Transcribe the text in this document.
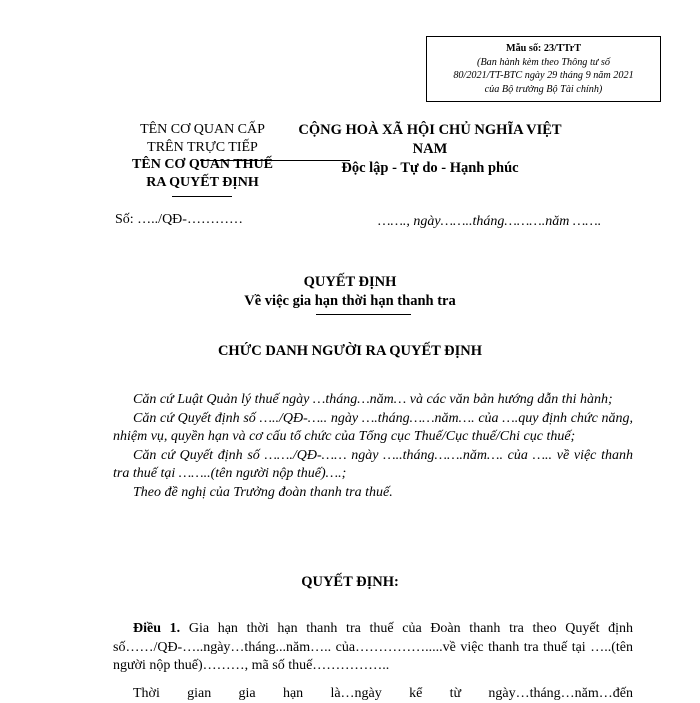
Mẫu số: 23/TTrT
(Ban hành kèm theo Thông tư số
80/2021/TT-BTC ngày 29 tháng 9 năm 2021
của Bộ trưởng Bộ Tài chính)
TÊN CƠ QUAN CẤP
TRÊN TRỰC TIẾP
TÊN CƠ QUAN THUẾ
RA QUYẾT ĐỊNH
CỘNG HOÀ XÃ HỘI CHỦ NGHĨA VIỆT NAM
Độc lập - Tự do - Hạnh phúc
Số: …../QĐ-…………	……., ngày……..tháng……….năm …….
QUYẾT ĐỊNH
Về việc gia hạn thời hạn thanh tra
CHỨC DANH NGƯỜI RA QUYẾT ĐỊNH

Căn cứ Luật Quản lý thuế ngày …tháng…năm… và các văn bản hướng dẫn thi hành;

Căn cứ Quyết định số …../QĐ-….. ngày ….tháng……năm…. của ….quy định chức năng, nhiệm vụ, quyền hạn và cơ cấu tổ chức của Tổng cục Thuế/Cục thuế/Chi cục thuế;

Căn cứ Quyết định số ……./QĐ-…… ngày …..tháng…….năm…. của ….. về việc thanh tra thuế tại ……..(tên người nộp thuế)….;

Theo đề nghị của Trưởng đoàn thanh tra thuế.

QUYẾT ĐỊNH:

Điều 1. Gia hạn thời hạn thanh tra thuế của Đoàn thanh tra theo Quyết định số……/QĐ-…..ngày…tháng...năm….. của…………….....về việc thanh tra thuế tại …..(tên người nộp thuế)………, mã số thuế……………..

Thời gian gia hạn là…ngày kể từ ngày…tháng…năm…đến
